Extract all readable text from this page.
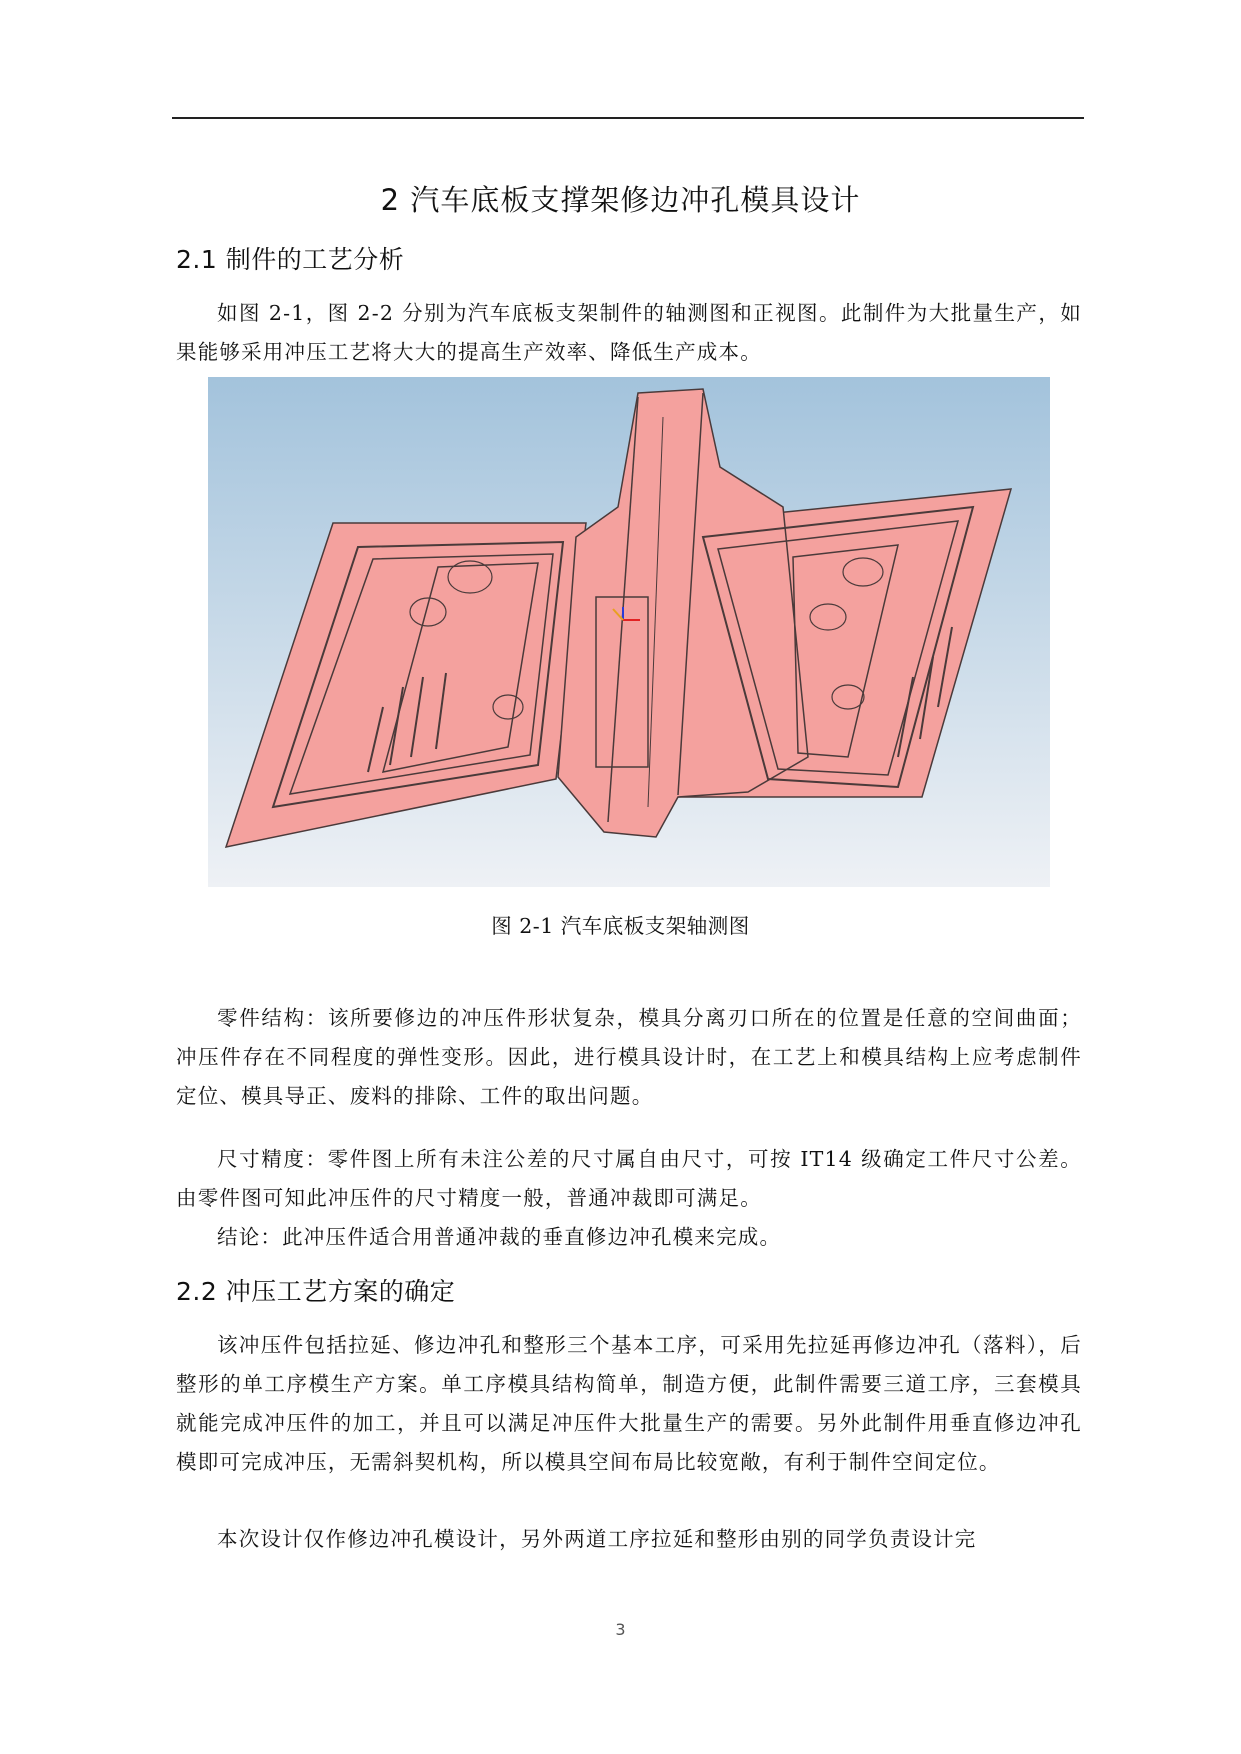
2 汽车底板支撑架修边冲孔模具设计
2.1 制件的工艺分析

如图 2-1，图 2-2 分别为汽车底板支架制件的轴测图和正视图。此制件为大批量生产，如果能够采用冲压工艺将大大的提高生产效率、降低生产成本。

图 2-1 汽车底板支架轴测图

零件结构：该所要修边的冲压件形状复杂，模具分离刃口所在的位置是任意的空间曲面；冲压件存在不同程度的弹性变形。因此，进行模具设计时，在工艺上和模具结构上应考虑制件定位、模具导正、废料的排除、工件的取出问题。

尺寸精度：零件图上所有未注公差的尺寸属自由尺寸，可按 IT14 级确定工件尺寸公差。由零件图可知此冲压件的尺寸精度一般，普通冲裁即可满足。

结论：此冲压件适合用普通冲裁的垂直修边冲孔模来完成。

2.2 冲压工艺方案的确定

该冲压件包括拉延、修边冲孔和整形三个基本工序，可采用先拉延再修边冲孔（落料），后整形的单工序模生产方案。单工序模具结构简单，制造方便，此制件需要三道工序，三套模具就能完成冲压件的加工，并且可以满足冲压件大批量生产的需要。另外此制件用垂直修边冲孔模即可完成冲压，无需斜契机构，所以模具空间布局比较宽敞，有利于制件空间定位。

本次设计仅作修边冲孔模设计，另外两道工序拉延和整形由别的同学负责设计完

3
